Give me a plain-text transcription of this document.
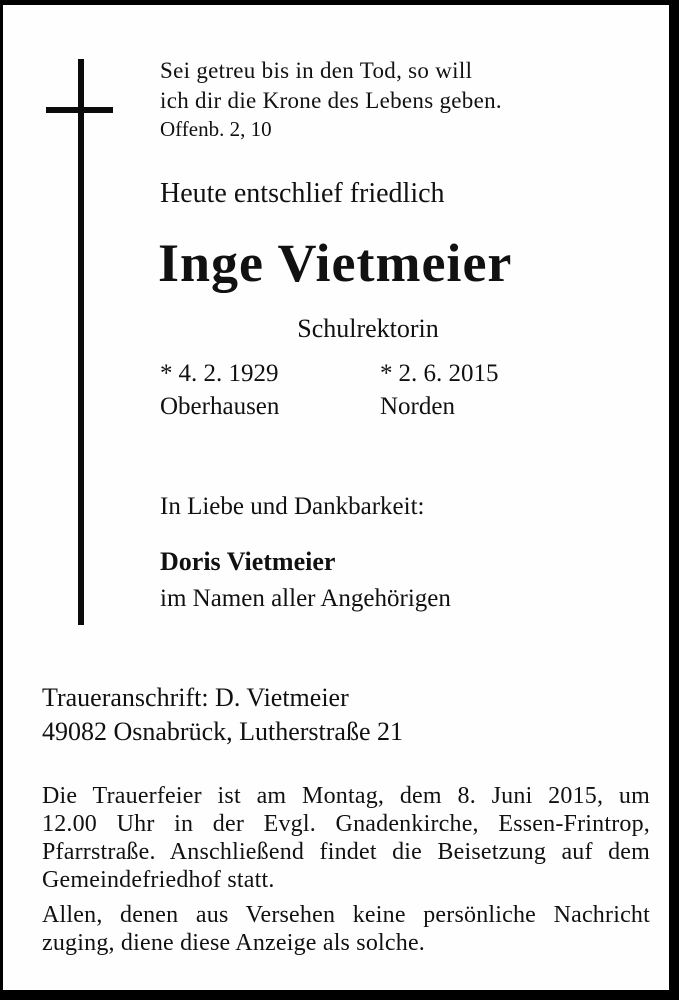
Sei getreu bis in den Tod, so will
ich dir die Krone des Lebens geben.
Offenb. 2, 10
Heute entschlief friedlich
Inge Vietmeier
Schulrektorin
* 4. 2. 1929
Oberhausen
* 2. 6. 2015
Norden
In Liebe und Dankbarkeit:
Doris Vietmeier
im Namen aller Angehörigen
Traueranschrift: D. Vietmeier
49082 Osnabrück, Lutherstraße 21
Die Trauerfeier ist am Montag, dem 8. Juni 2015, um
12.00 Uhr in der Evgl. Gnadenkirche, Essen-Frintrop,
Pfarrstraße. Anschließend findet die Beisetzung auf dem
Gemeindefriedhof statt.
Allen, denen aus Versehen keine persönliche Nachricht
zuging, diene diese Anzeige als solche.
